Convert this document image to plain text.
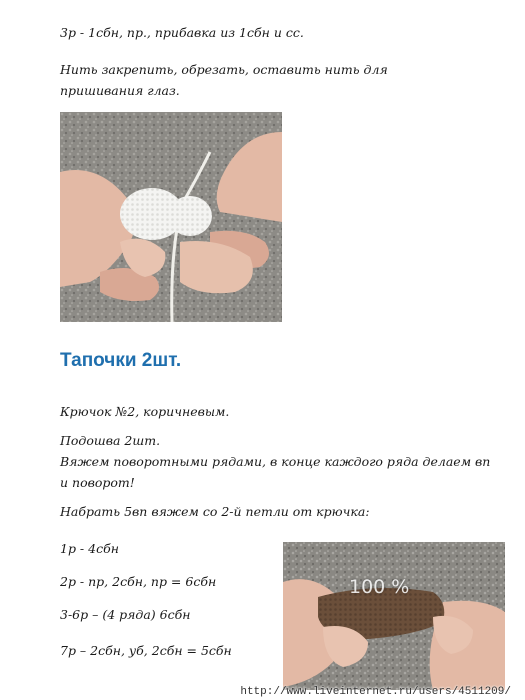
3р - 1сбн, пр., прибавка из 1сбн и сс.

Нить закрепить, обрезать, оставить нить для

пришивания глаз.

Тапочки 2шт.

Крючок №2, коричневым.

Подошва 2шт.

Вяжем поворотными рядами, в конце каждого ряда делаем вп

и поворот!

Набрать 5вп вяжем со 2-й петли от крючка:

1р - 4сбн

2р - пр, 2сбн, пр = 6сбн

3-6р – (4 ряда) 6сбн

7р – 2сбн, уб, 2сбн = 5сбн

100 %
http://www.liveinternet.ru/users/4511209/
